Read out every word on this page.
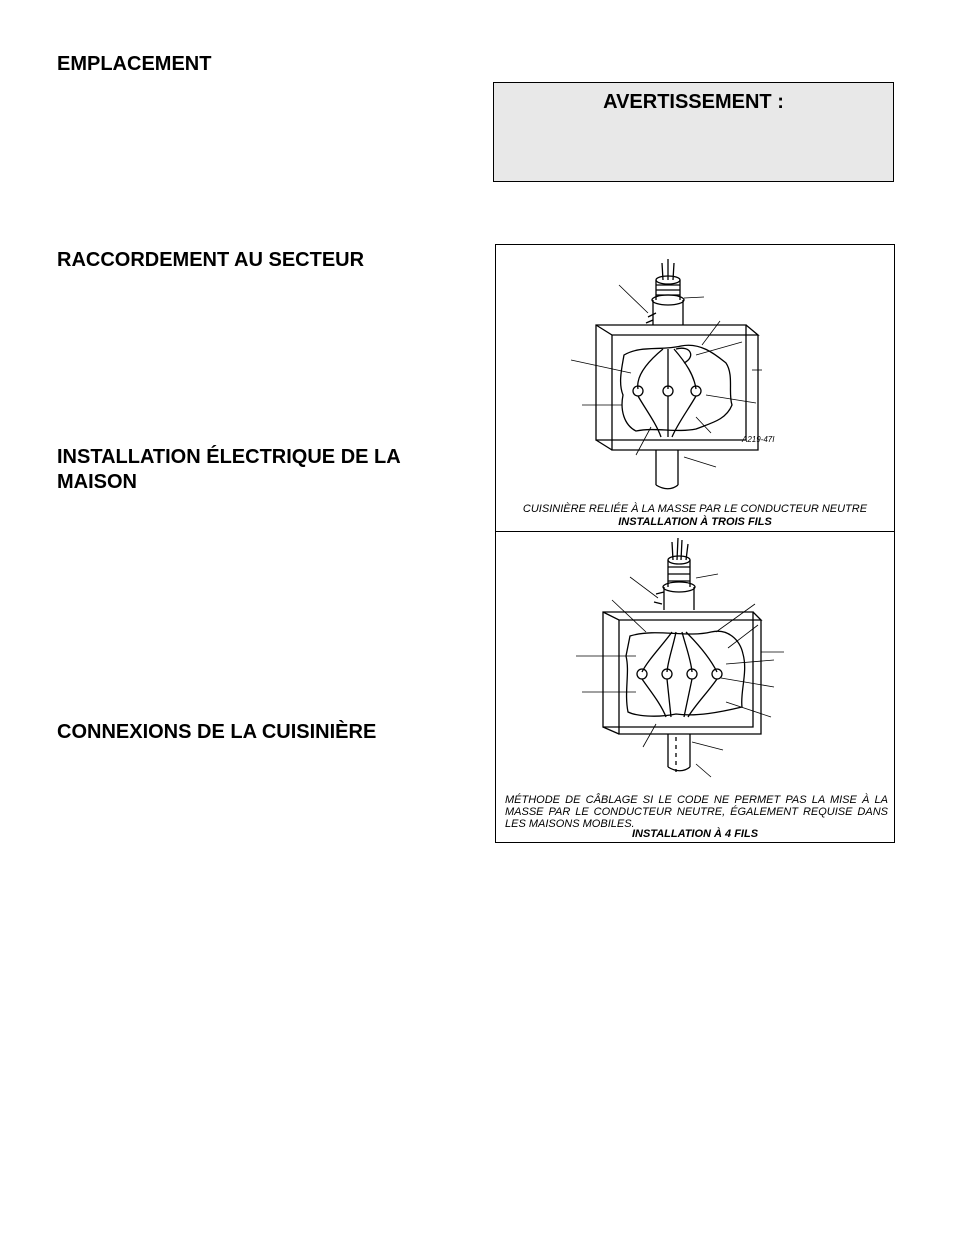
EMPLACEMENT
RACCORDEMENT AU SECTEUR
INSTALLATION ÉLECTRIQUE DE LA MAISON
CONNEXIONS DE LA CUISINIÈRE
AVERTISSEMENT :
A219-47I
CUISINIÈRE RELIÉE À LA MASSE PAR LE CONDUCTEUR NEUTRE
INSTALLATION À TROIS FILS
MÉTHODE DE CÂBLAGE SI LE CODE NE PERMET PAS LA MISE À LA MASSE PAR LE CONDUCTEUR NEUTRE, ÉGALEMENT REQUISE DANS LES MAISONS MOBILES.
INSTALLATION À 4 FILS
